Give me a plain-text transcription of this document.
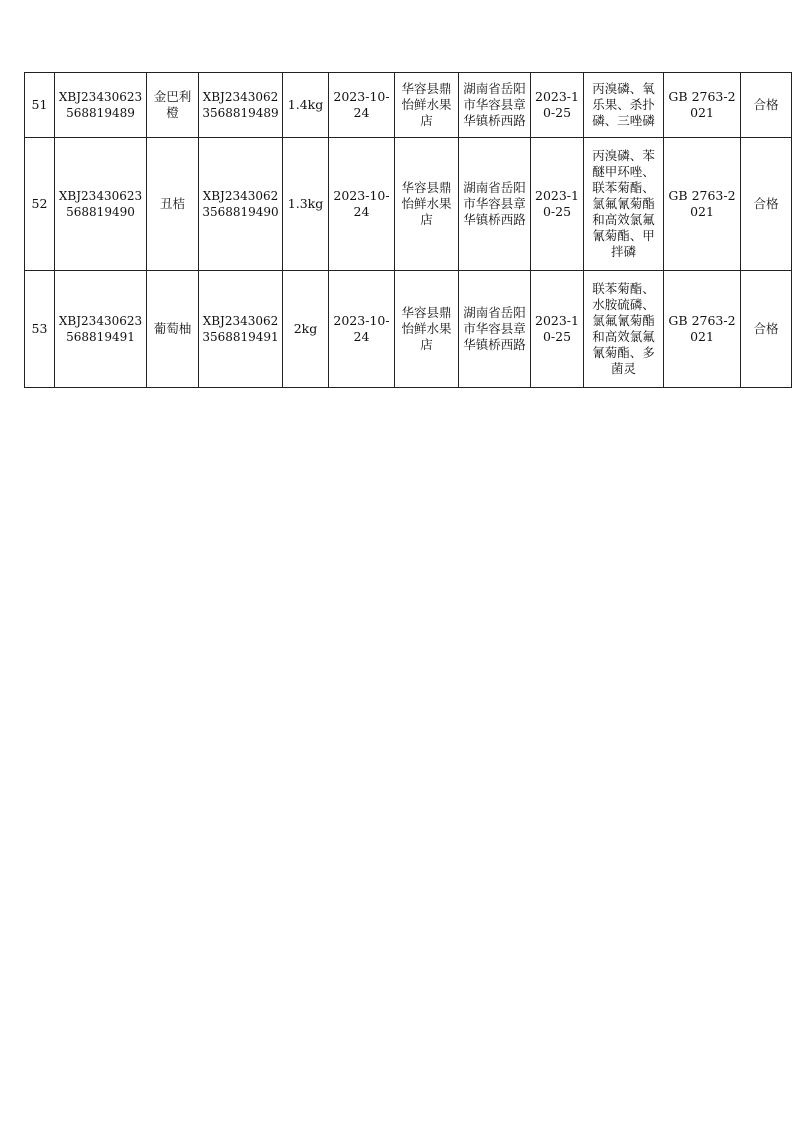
51	XBJ23430623568819489	金巴利橙	XBJ23430623568819489	1.4kg	2023-10-24	华容县鼎怡鲜水果店	湖南省岳阳市华容县章华镇桥西路	2023-10-25	丙溴磷、氧乐果、杀扑磷、三唑磷	GB 2763-2021	合格
52	XBJ23430623568819490	丑桔	XBJ23430623568819490	1.3kg	2023-10-24	华容县鼎怡鲜水果店	湖南省岳阳市华容县章华镇桥西路	2023-10-25	丙溴磷、苯醚甲环唑、联苯菊酯、氯氟氰菊酯和高效氯氟氰菊酯、甲拌磷	GB 2763-2021	合格
53	XBJ23430623568819491	葡萄柚	XBJ23430623568819491	2kg	2023-10-24	华容县鼎怡鲜水果店	湖南省岳阳市华容县章华镇桥西路	2023-10-25	联苯菊酯、水胺硫磷、氯氟氰菊酯和高效氯氟氰菊酯、多菌灵	GB 2763-2021	合格
